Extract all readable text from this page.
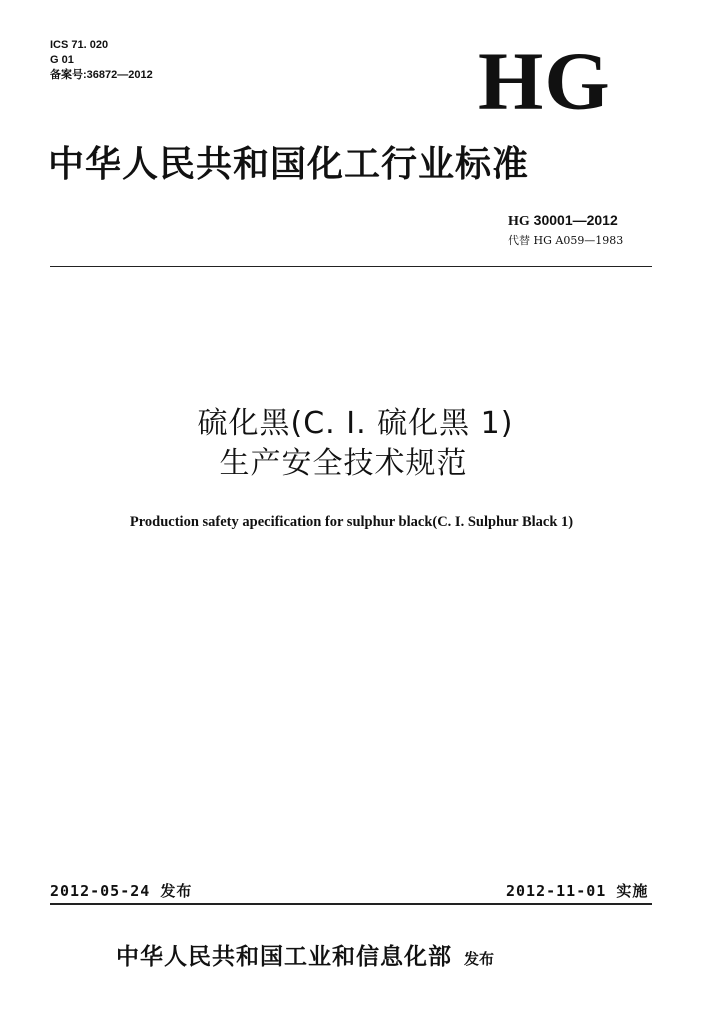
ICS 71. 020
G 01
备案号:36872—2012	HG
中华人民共和国化工行业标准
HG 30001—2012
代替 HG A059—1983
硫化黑(C. I. 硫化黑 1)
生产安全技术规范
Production safety apecification for sulphur black(C. I. Sulphur Black 1)
2012-05-24 发布	2012-11-01 实施
中华人民共和国工业和信息化部 发布
